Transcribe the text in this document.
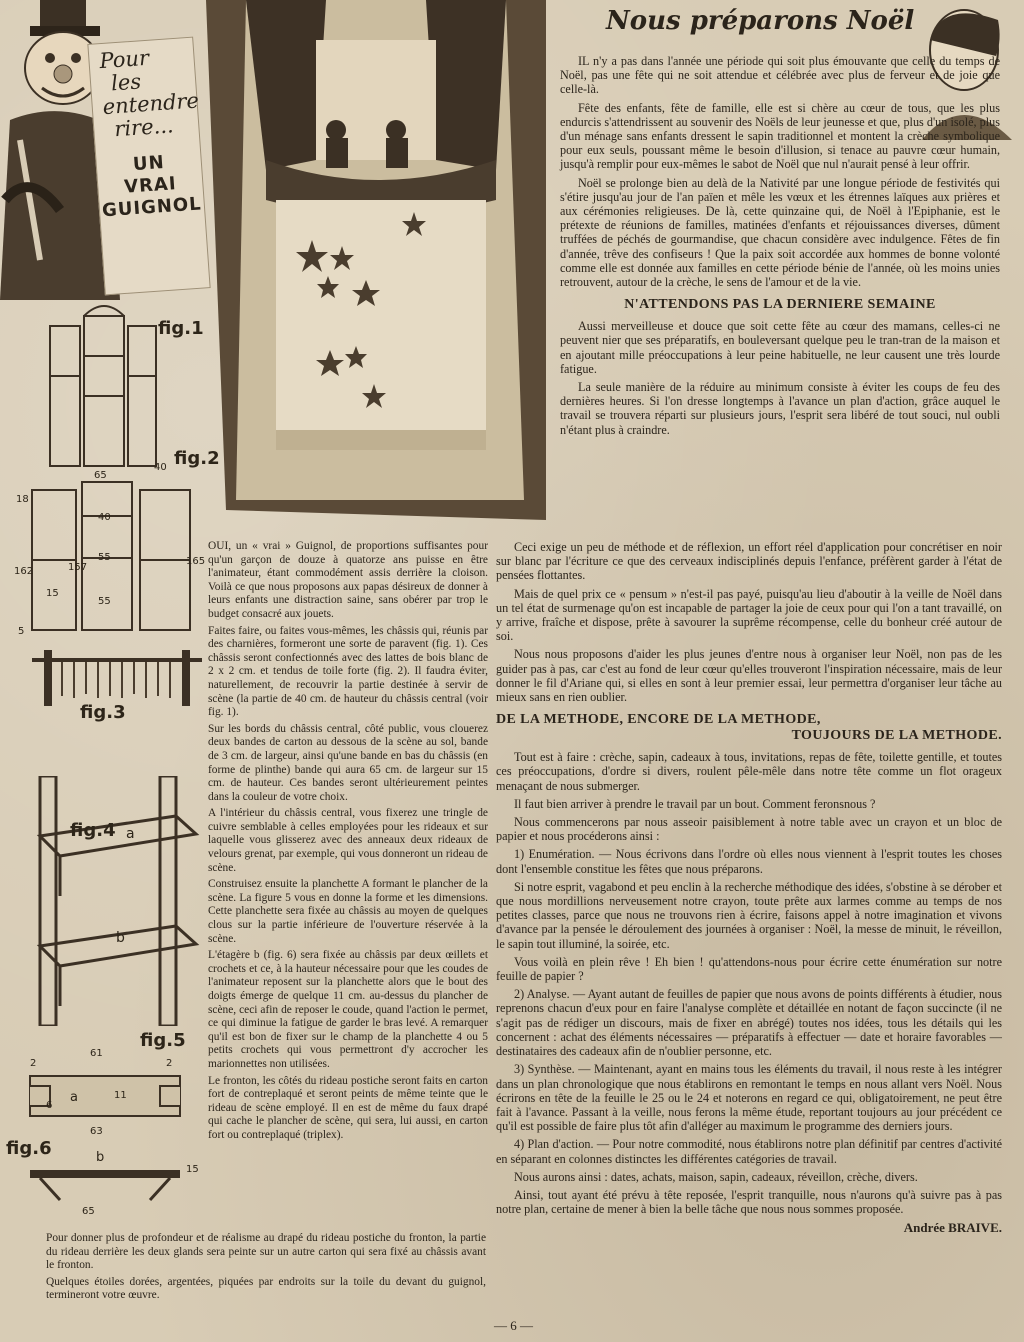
Pour
les
entendre
rire...
UN
VRAI
GUIGNOL
fig.1
fig.2
65
40
40
55
55
157
165
162
18
15
5
fig.3
fig.4 a
b
fig.5
61
2	2
a	11
6
63
fig.6	b
15
65

OUI, un « vrai » Guignol, de proportions suffisantes pour qu'un garçon de douze à quatorze ans puisse en être l'animateur, étant commodément assis derrière la cloison. Voilà ce que nous proposons aux papas désireux de donner à leurs enfants une distraction saine, sans obérer par trop le budget consacré aux jouets.

Faites faire, ou faites vous-mêmes, les châssis qui, réunis par des charnières, formeront une sorte de paravent (fig. 1). Ces châssis seront confectionnés avec des lattes de bois blanc de 2 x 2 cm. et tendus de toile forte (fig. 2). Il faudra éviter, naturellement, de recouvrir la partie destinée à servir de scène (la partie de 40 cm. de hauteur du châssis central (voir fig. 1).

Sur les bords du châssis central, côté public, vous clouerez deux bandes de carton au dessous de la scène au sol, bande de 3 cm. de largeur, ainsi qu'une bande en bas du châssis (en forme de plinthe) bande qui aura 65 cm. de largeur sur 15 cm. de hauteur. Ces bandes seront ultérieurement peintes dans la couleur de votre choix.

A l'intérieur du châssis central, vous fixerez une tringle de cuivre semblable à celles employées pour les rideaux et sur laquelle vous glisserez avec des anneaux deux rideaux de velours grenat, par exemple, qui vous donneront un rideau de scène.

Construisez ensuite la planchette A formant le plancher de la scène. La figure 5 vous en donne la forme et les dimensions. Cette planchette sera fixée au châssis au moyen de quelques clous sur la partie inférieure de l'ouverture réservée à la scène.

L'étagère b (fig. 6) sera fixée au châssis par deux œillets et crochets et ce, à la hauteur nécessaire pour que les coudes de l'animateur reposent sur la planchette alors que le bout des doigts émerge de quelque 11 cm. au-dessus du plancher de scène, ceci afin de reposer le coude, quand l'action le permet, ce qui diminue la fatigue de garder le bras levé. A remarquer qu'il est bon de fixer sur le champ de la planchette 4 ou 5 petits crochets qui vous permettront d'y accrocher les marionnettes non utilisées.

Le fronton, les côtés du rideau postiche seront faits en carton fort de contreplaqué et seront peints de même teinte que le rideau de scène employé. Il en est de même du faux drapé qui cache le plancher de scène, qui sera, lui aussi, en carton fort ou contreplaqué (triplex).

Pour donner plus de profondeur et de réalisme au drapé du rideau postiche du fronton, la partie du rideau derrière les deux glands sera peinte sur un autre carton qui sera fixé au châssis avant le fronton.

Quelques étoiles dorées, argentées, piquées par endroits sur la toile du devant du guignol, termineront votre œuvre.

Nous préparons Noël

IL n'y a pas dans l'année une période qui soit plus émouvante que celle du temps de Noël, pas une fête qui ne soit attendue et célébrée avec plus de ferveur et de joie que celle-là.

Fête des enfants, fête de famille, elle est si chère au cœur de tous, que les plus endurcis s'attendrissent au souvenir des Noëls de leur jeunesse et que, plus d'un isolé, plus d'un ménage sans enfants dressent le sapin traditionnel et montent la crèche symbolique pour eux seuls, poussant même le besoin d'illusion, si tenace au pauvre cœur humain, jusqu'à remplir pour eux-mêmes le sabot de Noël que nul n'aurait pensé à leur offrir.

Noël se prolonge bien au delà de la Nativité par une longue période de festivités qui s'étire jusqu'au jour de l'an païen et mêle les vœux et les étrennes laïques aux prières et aux cérémonies religieuses. De là, cette quinzaine qui, de Noël à l'Epiphanie, est le prétexte de réunions de familles, matinées d'enfants et réjouissances diverses, dûment truffées de péchés de gourmandise, que chacun considère avec indulgence. Fêtes de fin d'année, trêve des confiseurs ! Que la paix soit accordée aux hommes de bonne volonté comme elle est donnée aux familles en cette période bénie de l'année, où les moins unies retrouvent, autour de la crèche, le sens de l'amour et de la vie.

N'ATTENDONS PAS LA DERNIERE SEMAINE

Aussi merveilleuse et douce que soit cette fête au cœur des mamans, celles-ci ne peuvent nier que ses préparatifs, en bouleversant quelque peu le tran-tran de la maison et en ajoutant mille préoccupations à leur peine habituelle, ne leur causent une très lourde fatigue.

La seule manière de la réduire au minimum consiste à éviter les coups de feu des dernières heures. Si l'on dresse longtemps à l'avance un plan d'action, grâce auquel le travail se trouvera réparti sur plusieurs jours, l'esprit sera libéré de tout souci, nul oubli n'étant plus à craindre.

Ceci exige un peu de méthode et de réflexion, un effort réel d'application pour concrétiser en noir sur blanc par l'écriture ce que des cerveaux indisciplinés depuis l'enfance, préfèrent garder à l'état de pensées flottantes.

Mais de quel prix ce « pensum » n'est-il pas payé, puisqu'au lieu d'aboutir à la veille de Noël dans un tel état de surmenage qu'on est incapable de partager la joie de ceux pour qui l'on a tant travaillé, on y arrive, fraîche et dispose, prête à savourer la suprême récompense, celle du bonheur créé autour de soi.

Nous nous proposons d'aider les plus jeunes d'entre nous à organiser leur Noël, non pas de les guider pas à pas, car c'est au fond de leur cœur qu'elles trouveront l'inspiration nécessaire, mais de leur donner le fil d'Ariane qui, si elles en sont à leur premier essai, leur permettra d'organiser leur tâche au mieux sans en rien oublier.

DE LA METHODE, ENCORE DE LA METHODE,
TOUJOURS DE LA METHODE.

Tout est à faire : crèche, sapin, cadeaux à tous, invitations, repas de fête, toilette gentille, et toutes ces préoccupations, d'ordre si divers, roulent pêle-mêle dans notre tête comme un flot orageux menaçant de nous submerger.

Il faut bien arriver à prendre le travail par un bout. Comment feronsnous ?

Nous commencerons par nous asseoir paisiblement à notre table avec un crayon et un bloc de papier et nous procéderons ainsi :

1) Enumération. — Nous écrivons dans l'ordre où elles nous viennent à l'esprit toutes les choses dont l'ensemble constitue les fêtes que nous préparons.

Si notre esprit, vagabond et peu enclin à la recherche méthodique des idées, s'obstine à se dérober et que nous mordillions nerveusement notre crayon, toute prête aux larmes comme au temps de nos petites classes, parce que nous ne trouvons rien à écrire, faisons appel à notre imagination et vivons d'avance par la pensée le déroulement des journées à organiser : Noël, la messe de minuit, le réveillon, le sapin tout illuminé, la soirée, etc.

Vous voilà en plein rêve ! Eh bien ! qu'attendons-nous pour écrire cette énumération sur notre feuille de papier ?

2) Analyse. — Ayant autant de feuilles de papier que nous avons de points différents à étudier, nous reprenons chacun d'eux pour en faire l'analyse complète et détaillée en notant de façon succincte (il ne s'agit pas de rédiger un discours, mais de fixer en abrégé) toutes nos idées, tous les détails qui les concernent : achat des éléments nécessaires — préparatifs à effectuer — date et horaire favorables — destinataires des cadeaux afin de n'oublier personne, etc.

3) Synthèse. — Maintenant, ayant en mains tous les éléments du travail, il nous reste à les intégrer dans un plan chronologique que nous établirons en remontant le temps en nous allant vers Noël. Nous écrirons en tête de la feuille le 25 ou le 24 et noterons en regard ce qui, obligatoirement, ne peut être fait à l'avance. Passant à la veille, nous ferons la même étude, reportant toujours au jour précédent ce qu'il est possible de faire plus tôt afin d'alléger au maximum le programme des derniers jours.

4) Plan d'action. — Pour notre commodité, nous établirons notre plan définitif par centres d'activité en séparant en colonnes distinctes les différentes catégories de travail.

Nous aurons ainsi : dates, achats, maison, sapin, cadeaux, réveillon, crèche, divers.

Ainsi, tout ayant été prévu à tête reposée, l'esprit tranquille, nous n'aurons qu'à suivre pas à pas notre plan, certaine de mener à bien la belle tâche que nous nous sommes proposée.

Andrée BRAIVE.
— 6 —
